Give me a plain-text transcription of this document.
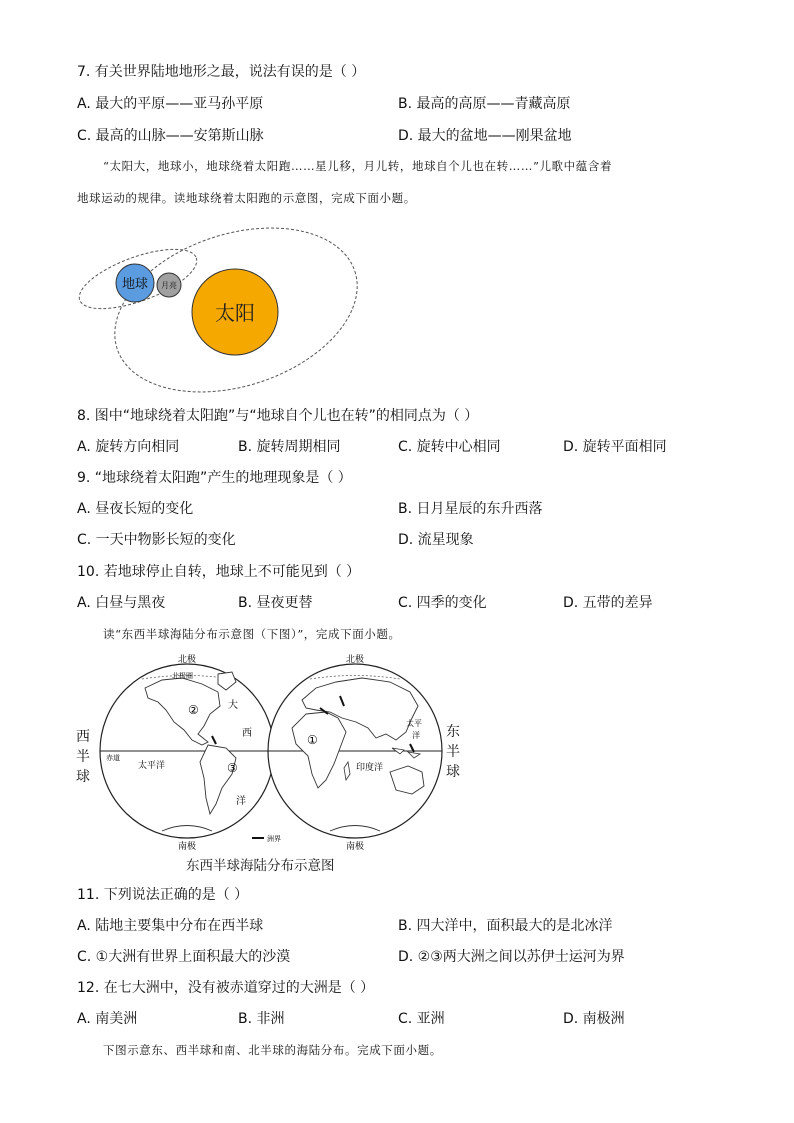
7. 有关世界陆地地形之最，说法有误的是（ ）
A. 最大的平原——亚马孙平原	B. 最高的高原——青藏高原
C. 最高的山脉——安第斯山脉	D. 最大的盆地——刚果盆地
“太阳大，地球小，地球绕着太阳跑……星儿移，月儿转，地球自个儿也在转……”儿歌中蕴含着
地球运动的规律。读地球绕着太阳跑的示意图，完成下面小题。
太阳
地球 月亮
8. 图中“地球绕着太阳跑”与“地球自个儿也在转”的相同点为（ ）
A. 旋转方向相同	B. 旋转周期相同	C. 旋转中心相同	D. 旋转平面相同
9. “地球绕着太阳跑”产生的地理现象是（ ）
A. 昼夜长短的变化	B. 日月星辰的东升西落
C. 一天中物影长短的变化	D. 流星现象
10. 若地球停止自转，地球上不可能见到（ ）
A. 白昼与黑夜	B. 昼夜更替	C. 四季的变化	D. 五带的差异
读“东西半球海陆分布示意图（下图）”，完成下面小题。
北极	北极
南极	南极
北极圈
赤道
太平洋
大
西
洋
太平
洋
印度洋
①
②
③
洲界
西半球
东半球
东西半球海陆分布示意图
11. 下列说法正确的是（ ）
A. 陆地主要集中分布在西半球	B. 四大洋中，面积最大的是北冰洋
C. ①大洲有世界上面积最大的沙漠	D. ②③两大洲之间以苏伊士运河为界
12. 在七大洲中，没有被赤道穿过的大洲是（ ）
A. 南美洲	B. 非洲	C. 亚洲	D. 南极洲
下图示意东、西半球和南、北半球的海陆分布。完成下面小题。
